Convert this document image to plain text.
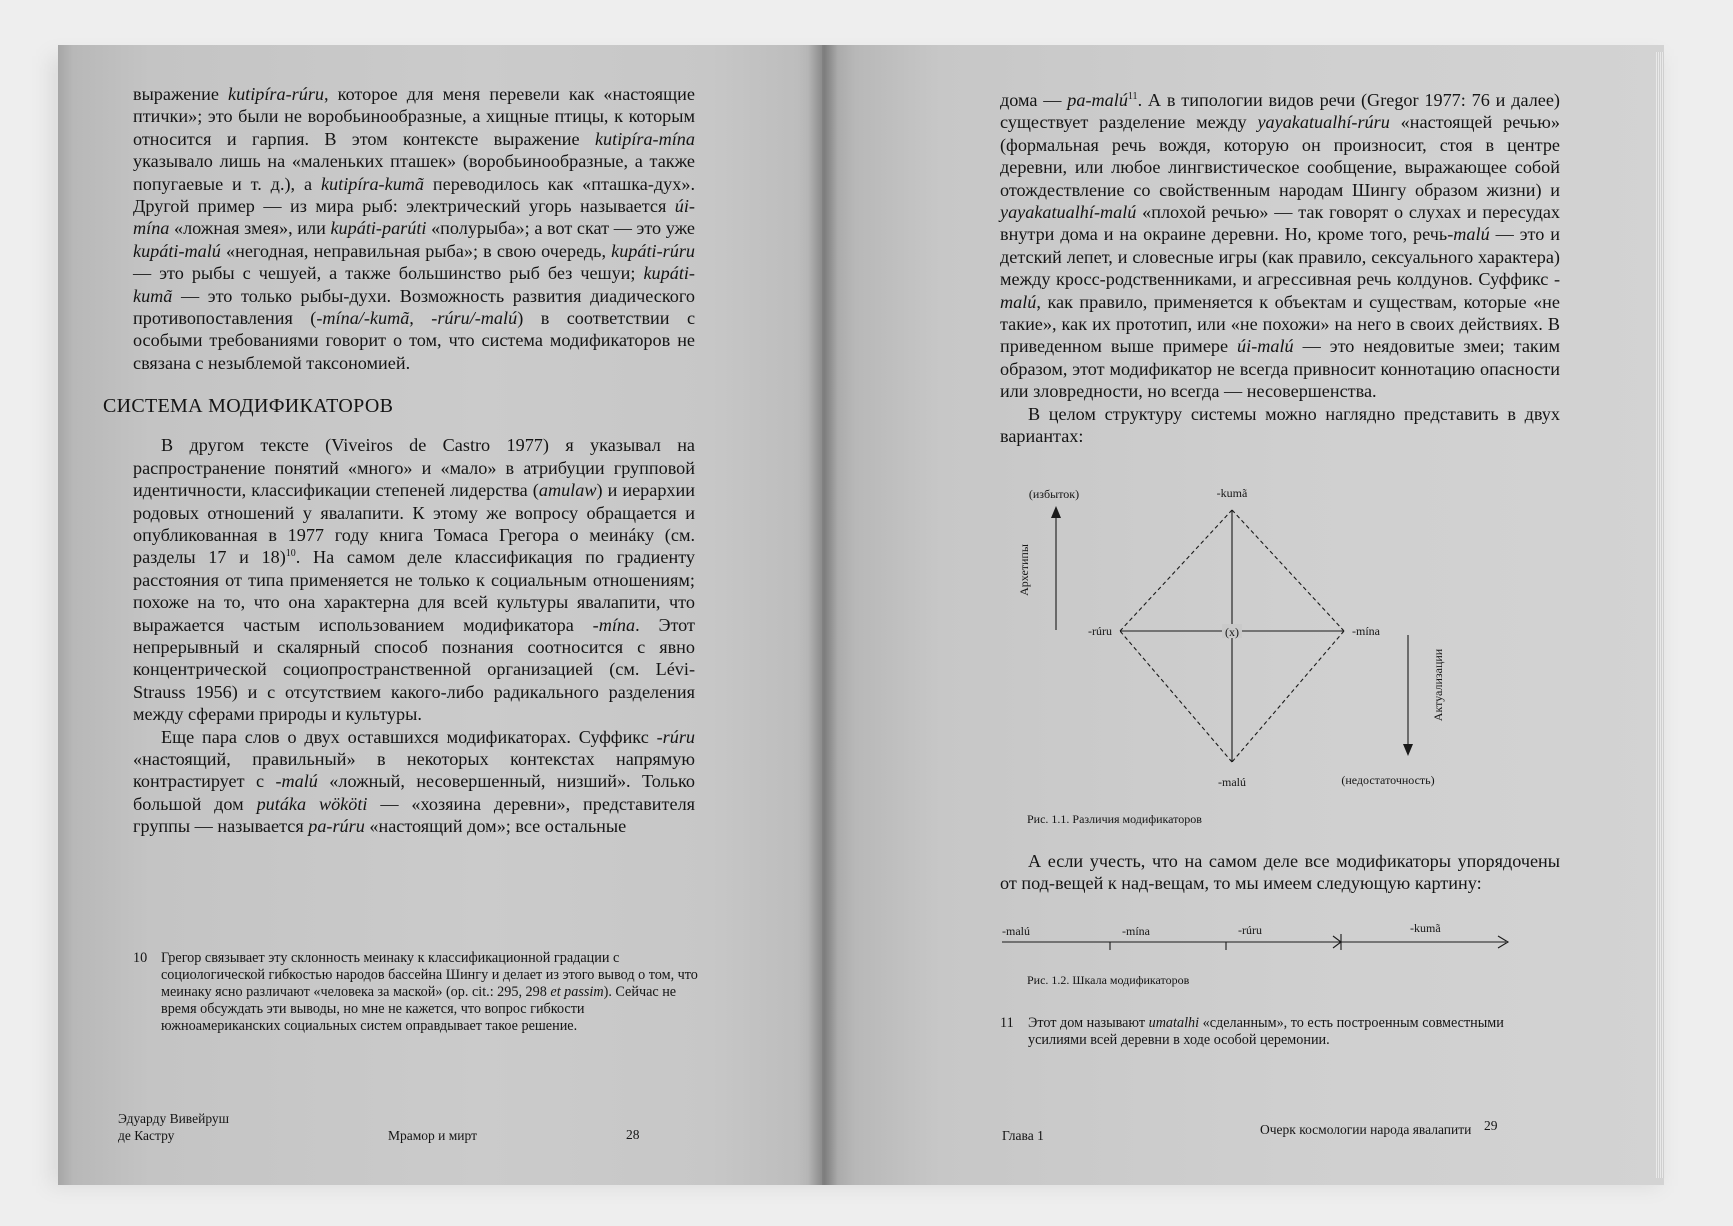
выражение kutipíra-rúru, которое для меня перевели как «настоящие птички»; это были не воробьинообразные, а хищные птицы, к которым относится и гарпия. В этом контексте выражение kutipíra-mína указывало лишь на «маленьких пташек» (воробьинообразные, а также попугаевые и т. д.), а kutipíra-kumã переводилось как «пташка-дух». Другой пример — из мира рыб: электрический угорь называется úi-mína «ложная змея», или kupáti-parúti «полурыба»; а вот скат — это уже kupáti-malú «негодная, неправильная рыба»; в свою очередь, kupáti-rúru — это рыбы с чешуей, а также большинство рыб без чешуи; kupáti-kumã — это только рыбы-духи. Возможность развития диадического противопоставления (-mína/-kumã, -rúru/-malú) в соответствии с особыми требованиями говорит о том, что система модификаторов не связана с незыблемой таксономией.

СИСТЕМА МОДИФИКАТОРОВ

В другом тексте (Viveiros de Castro 1977) я указывал на распространение понятий «много» и «мало» в атрибуции групповой идентичности, классификации степеней лидерства (amulaw) и иерархии родовых отношений у явалапити. К этому же вопросу обращается и опубликованная в 1977 году книга Томаса Грегора о меинáку (см. разделы 17 и 18)$^{10}$. На самом деле классификация по градиенту расстояния от типа применяется не только к социальным отношениям; похоже на то, что она характерна для всей культуры явалапити, что выражается частым использованием модификатора -mína. Этот непрерывный и скалярный способ познания соотносится с явно концентрической социопространственной организацией (см. Lévi-Strauss 1956) и с отсутствием какого-либо радикального разделения между сферами природы и культуры.

Еще пара слов о двух оставшихся модификаторах. Суффикс -rúru «настоящий, правильный» в некоторых контекстах напрямую контрастирует с -malú «ложный, несовершенный, низший». Только большой дом putáka wököti — «хозяина деревни», представителя группы — называется pa-rúru «настоящий дом»; все остальные

10 Грегор связывает эту склонность меинаку к классификационной градации с социологической гибкостью народов бассейна Шингу и делает из этого вывод о том, что меинаку ясно различают «человека за маской» (op. cit.: 295, 298 et passim). Сейчас не время обсуждать эти выводы, но мне не кажется, что вопрос гибкости южноамериканских социальных систем оправдывает такое решение.
Эдуарду Вивейруш
де Кастру	Мрамор и мирт	28

дома — pa-malú$^{11}$. А в типологии видов речи (Gregor 1977: 76 и далее) существует разделение между yayakatualhí-rúru «настоящей речью» (формальная речь вождя, которую он произносит, стоя в центре деревни, или любое лингвистическое сообщение, выражающее собой отождествление со свойственным народам Шингу образом жизни) и yayakatualhí-malú «плохой речью» — так говорят о слухах и пересудах внутри дома и на окраине деревни. Но, кроме того, речь-malú — это и детский лепет, и словесные игры (как правило, сексуального характера) между кросс-родственниками, и агрессивная речь колдунов. Суффикс -malú, как правило, применяется к объектам и существам, которые «не такие», как их прототип, или «не похожи» на него в своих действиях. В приведенном выше примере úi-malú — это неядовитые змеи; таким образом, этот модификатор не всегда привносит коннотацию опасности или зловредности, но всегда — несовершенства.

В целом структуру системы можно наглядно представить в двух вариантах:

(x)
-kumã
-malú
-rúru	-mína
(избыток)
Архетипы
Актуализации
(недостаточность)
Рис. 1.1. Различия модификаторов

А если учесть, что на самом деле все модификаторы упорядочены от под-вещей к над-вещам, то мы имеем следующую картину:

-malú	-mína	-rúru	-kumã
Рис. 1.2. Шкала модификаторов
11 Этот дом называют umatalhi «сделанным», то есть построенным совместными усилиями всей деревни в ходе особой церемонии.
Глава 1	Очерк космологии народа явалапити 29
